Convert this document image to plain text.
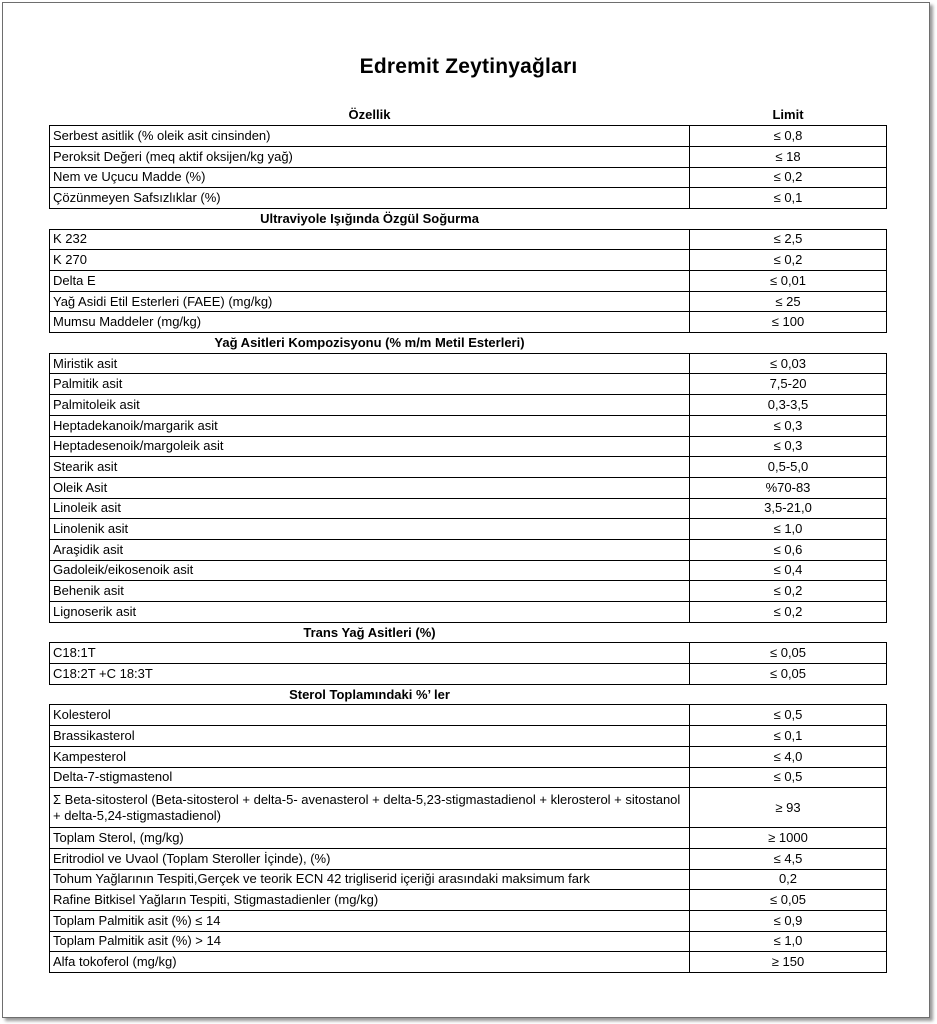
Edremit Zeytinyağları
Özellik	Limit
Serbest asitlik (% oleik asit cinsinden)	≤ 0,8
Peroksit Değeri (meq aktif oksijen/kg yağ)	≤ 18
Nem ve Uçucu Madde (%)	≤ 0,2
Çözünmeyen Safsızlıklar (%)	≤ 0,1
Ultraviyole Işığında Özgül Soğurma	
K 232	≤ 2,5
K 270	≤ 0,2
Delta E	≤ 0,01
Yağ Asidi Etil Esterleri (FAEE) (mg/kg)	≤ 25
Mumsu Maddeler (mg/kg)	≤ 100
Yağ Asitleri Kompozisyonu (% m/m Metil Esterleri)	
Miristik asit	≤ 0,03
Palmitik asit	7,5-20
Palmitoleik asit	0,3-3,5
Heptadekanoik/margarik asit	≤ 0,3
Heptadesenoik/margoleik asit	≤ 0,3
Stearik asit	0,5-5,0
Oleik Asit	%70-83
Linoleik asit	3,5-21,0
Linolenik asit	≤ 1,0
Araşidik asit	≤ 0,6
Gadoleik/eikosenoik asit	≤ 0,4
Behenik asit	≤ 0,2
Lignoserik asit	≤ 0,2
Trans Yağ Asitleri (%)	
C18:1T	≤ 0,05
C18:2T +C 18:3T	≤ 0,05
Sterol Toplamındaki %’ ler	
Kolesterol	≤ 0,5
Brassikasterol	≤ 0,1
Kampesterol	≤ 4,0
Delta-7-stigmastenol	≤ 0,5
Σ Beta-sitosterol (Beta-sitosterol + delta-5- avenasterol + delta-5,23-stigmastadienol + klerosterol + sitostanol + delta-5,24-stigmastadienol)	≥ 93
Toplam Sterol, (mg/kg)	≥ 1000
Eritrodiol ve Uvaol (Toplam Steroller İçinde), (%)	≤ 4,5
Tohum Yağlarının Tespiti,Gerçek ve teorik ECN 42 trigliserid içeriği arasındaki maksimum fark	0,2
Rafine Bitkisel Yağların Tespiti, Stigmastadienler (mg/kg)	≤ 0,05
Toplam Palmitik asit (%) ≤ 14	≤ 0,9
Toplam Palmitik asit (%) > 14	≤ 1,0
Alfa tokoferol (mg/kg)	≥ 150
